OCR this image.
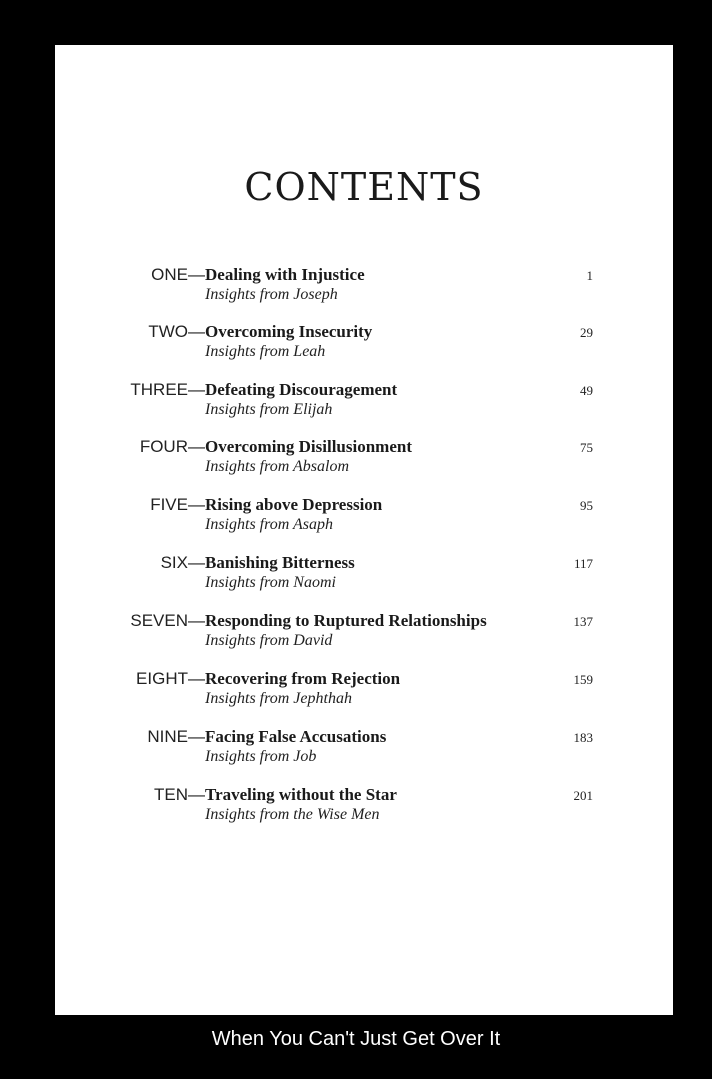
CONTENTS
ONE— Dealing with Injustice
Insights from Joseph
1
TWO— Overcoming Insecurity
Insights from Leah
29
THREE— Defeating Discouragement
Insights from Elijah
49
FOUR— Overcoming Disillusionment
Insights from Absalom
75
FIVE— Rising above Depression
Insights from Asaph
95
SIX— Banishing Bitterness
Insights from Naomi
117
SEVEN— Responding to Ruptured Relationships
Insights from David
137
EIGHT— Recovering from Rejection
Insights from Jephthah
159
NINE— Facing False Accusations
Insights from Job
183
TEN— Traveling without the Star
Insights from the Wise Men
201
When You Can't Just Get Over It
